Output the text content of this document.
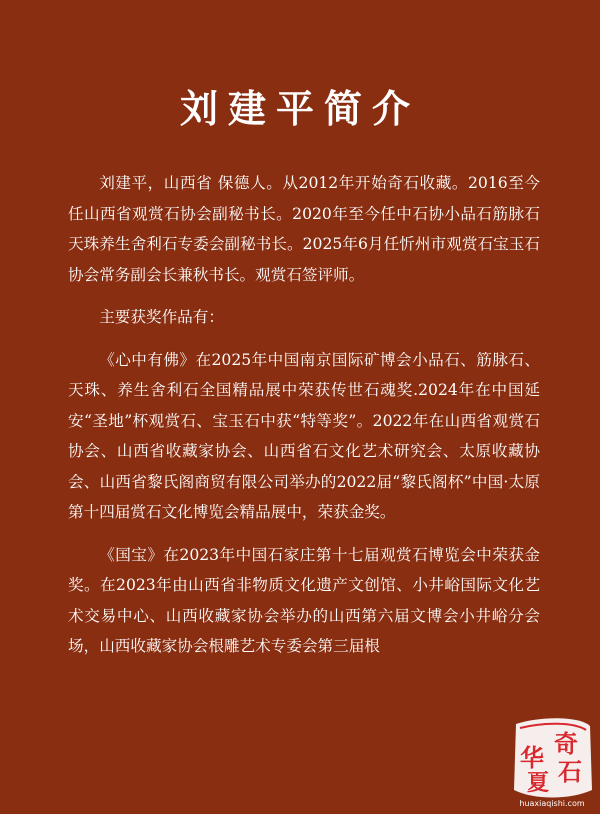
刘建平简介

刘建平，山西省 保德人。从2012年开始奇石收藏。2016至今任山西省观赏石协会副秘书长。2020年至今任中石协小品石筋脉石天珠养生舍利石专委会副秘书长。2025年6月任忻州市观赏石宝玉石协会常务副会长兼秋书长。观赏石签评师。

主要获奖作品有：

《心中有佛》在2025年中国南京国际矿博会小品石、筋脉石、天珠、养生舍利石全国精品展中荣获传世石魂奖.2024年在中国延安“圣地”杯观赏石、宝玉石中获“特等奖”。2022年在山西省观赏石协会、山西省收藏家协会、山西省石文化艺术研究会、太原收藏协会、山西省黎氏阁商贸有限公司举办的2022届“黎氏阁杯”中国·太原第十四届赏石文化博览会精品展中，荣获金奖。

《国宝》在2023年中国石家庄第十七届观赏石博览会中荣获金奖。在2023年由山西省非物质文化遗产文创馆、小井峪国际文化艺术交易中心、山西收藏家协会举办的山西第六届文博会小井峪分会场，山西收藏家协会根雕艺术专委会第三届根

奇
华 石
夏
huaxiaqishi.com
